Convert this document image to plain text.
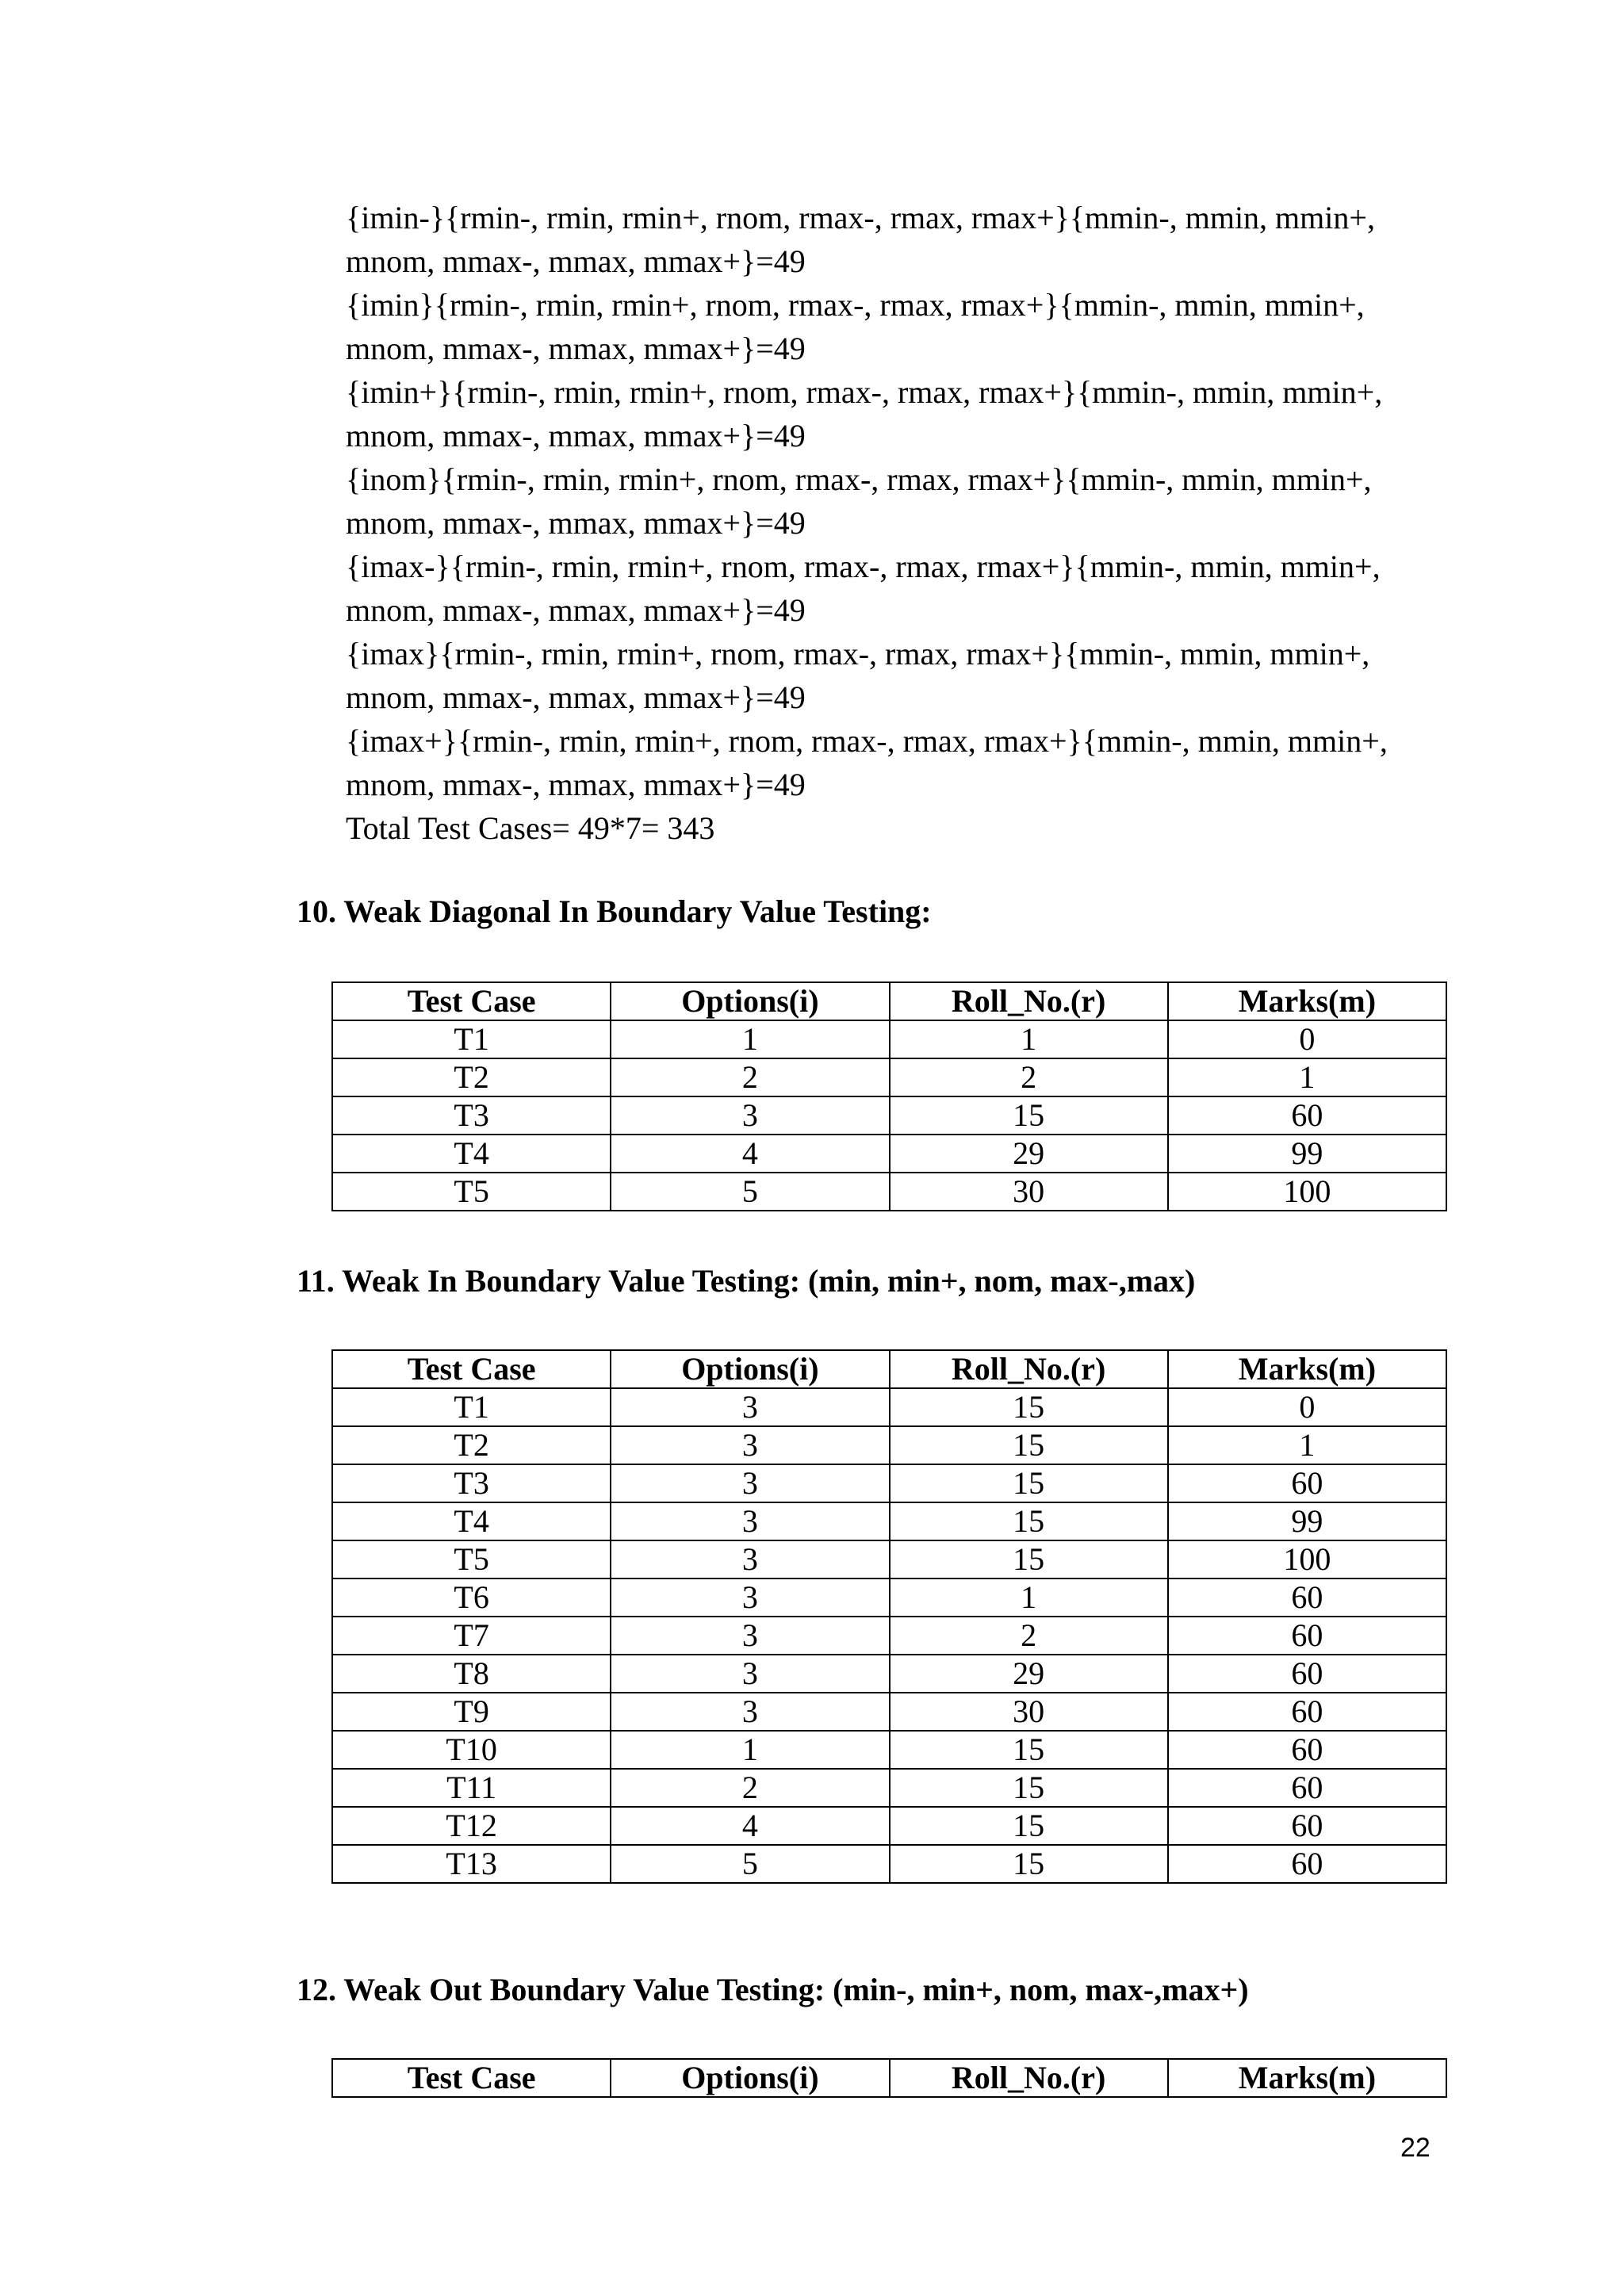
{imin-}{rmin-, rmin, rmin+, rnom, rmax-, rmax, rmax+}{mmin-, mmin, mmin+,
mnom, mmax-, mmax, mmax+}=49
{imin}{rmin-, rmin, rmin+, rnom, rmax-, rmax, rmax+}{mmin-, mmin, mmin+,
mnom, mmax-, mmax, mmax+}=49
{imin+}{rmin-, rmin, rmin+, rnom, rmax-, rmax, rmax+}{mmin-, mmin, mmin+,
mnom, mmax-, mmax, mmax+}=49
{inom}{rmin-, rmin, rmin+, rnom, rmax-, rmax, rmax+}{mmin-, mmin, mmin+,
mnom, mmax-, mmax, mmax+}=49
{imax-}{rmin-, rmin, rmin+, rnom, rmax-, rmax, rmax+}{mmin-, mmin, mmin+,
mnom, mmax-, mmax, mmax+}=49
{imax}{rmin-, rmin, rmin+, rnom, rmax-, rmax, rmax+}{mmin-, mmin, mmin+,
mnom, mmax-, mmax, mmax+}=49
{imax+}{rmin-, rmin, rmin+, rnom, rmax-, rmax, rmax+}{mmin-, mmin, mmin+,
mnom, mmax-, mmax, mmax+}=49
Total Test Cases= 49*7= 343
10. Weak Diagonal In Boundary Value Testing:
Test Case	Options(i)	Roll_No.(r)	Marks(m)
T1	1	1	0
T2	2	2	1
T3	3	15	60
T4	4	29	99
T5	5	30	100
11. Weak In Boundary Value Testing: (min, min+, nom, max-,max)
Test Case	Options(i)	Roll_No.(r)	Marks(m)
T1	3	15	0
T2	3	15	1
T3	3	15	60
T4	3	15	99
T5	3	15	100
T6	3	1	60
T7	3	2	60
T8	3	29	60
T9	3	30	60
T10	1	15	60
T11	2	15	60
T12	4	15	60
T13	5	15	60
12. Weak Out Boundary Value Testing: (min-, min+, nom, max-,max+)
Test Case	Options(i)	Roll_No.(r)	Marks(m)
22
